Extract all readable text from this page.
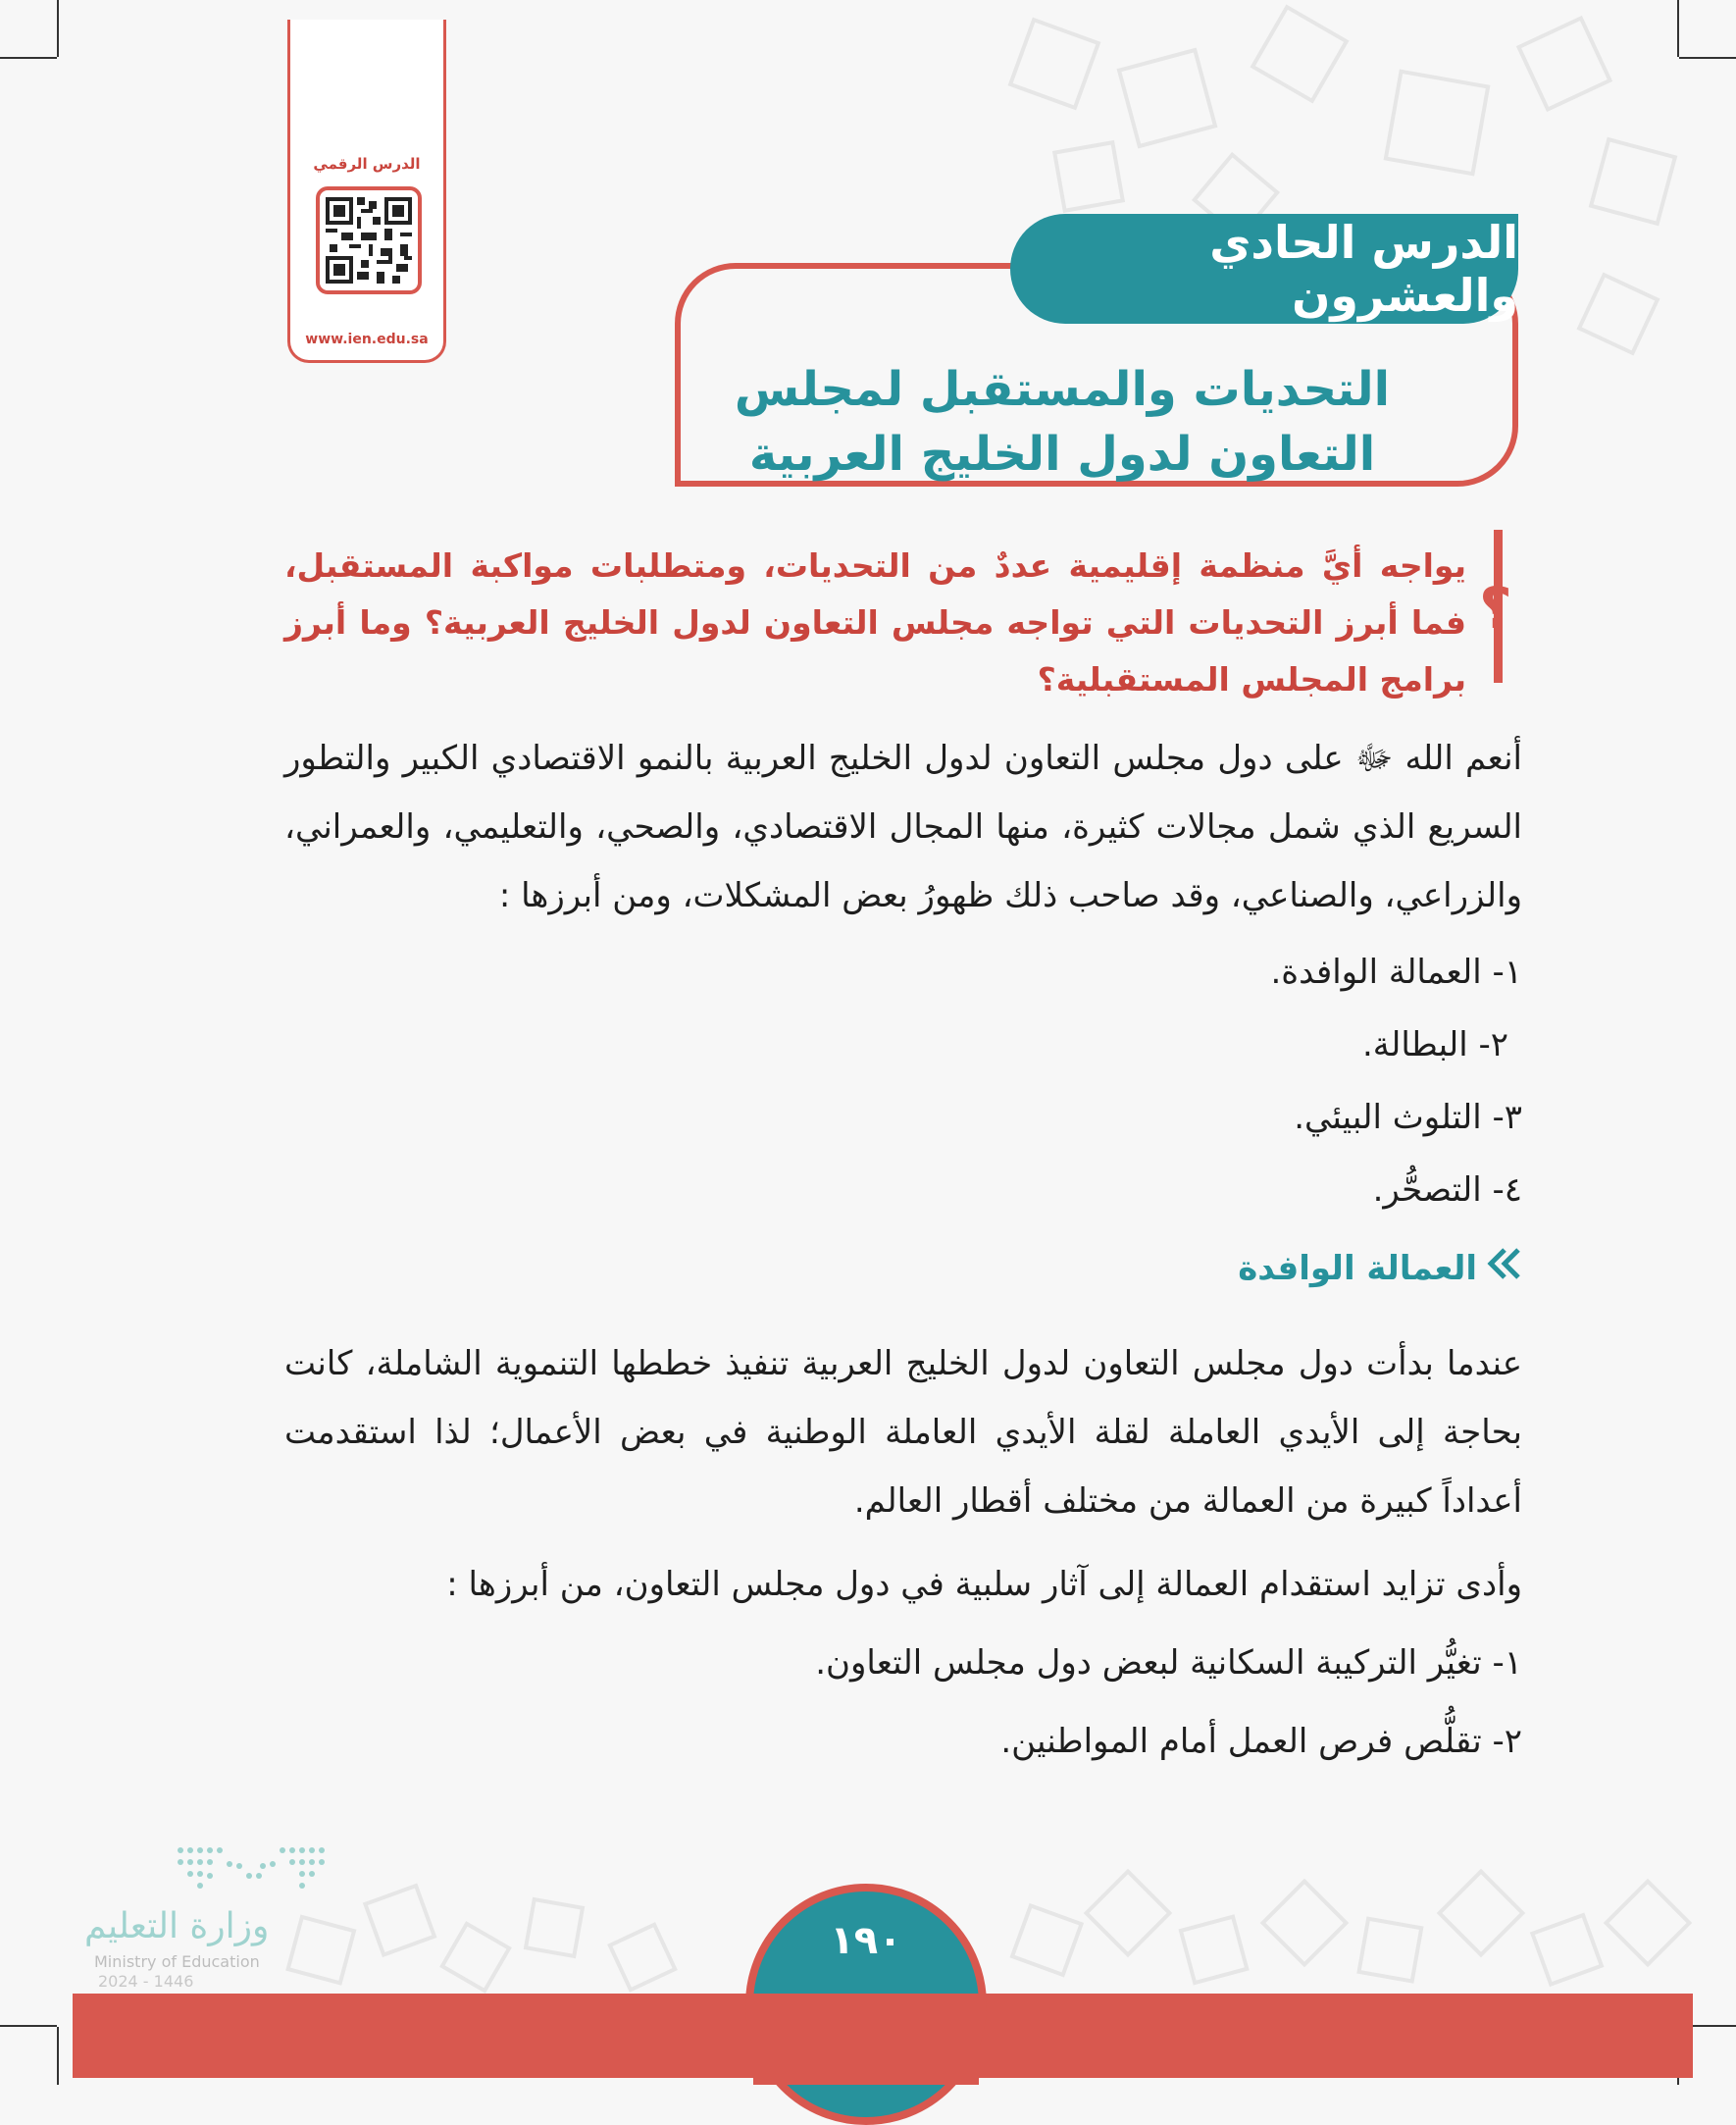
الدرس الرقمي
www.ien.edu.sa
التحديات والمستقبل لمجلس
التعاون لدول الخليج العربية
الدرس الحادي والعشرون
؟
يواجه أيَّ منظمة إقليمية عددٌ من التحديات، ومتطلبات مواكبة المستقبل، فما أبرز التحديات التي تواجه مجلس التعاون لدول الخليج العربية؟ وما أبرز برامج المجلس المستقبلية؟
أنعم الله ﷻ على دول مجلس التعاون لدول الخليج العربية بالنمو الاقتصادي الكبير والتطور السريع الذي شمل مجالات كثيرة، منها المجال الاقتصادي، والصحي، والتعليمي، والعمراني، والزراعي، والصناعي، وقد صاحب ذلك ظهورُ بعض المشكلات، ومن أبرزها :
١- العمالة الوافدة.
٢- البطالة.
٣- التلوث البيئي.
٤- التصحُّر.
العمالة الوافدة
عندما بدأت دول مجلس التعاون لدول الخليج العربية تنفيذ خططها التنموية الشاملة، كانت بحاجة إلى الأيدي العاملة لقلة الأيدي العاملة الوطنية في بعض الأعمال؛ لذا استقدمت أعداداً كبيرة من العمالة من مختلف أقطار العالم.
وأدى تزايد استقدام العمالة إلى آثار سلبية في دول مجلس التعاون، من أبرزها :
١- تغيُّر التركيبة السكانية لبعض دول مجلس التعاون.
٢- تقلُّص فرص العمل أمام المواطنين.
وزارة التعليم
Ministry of Education
2024 - 1446
١٩٠
